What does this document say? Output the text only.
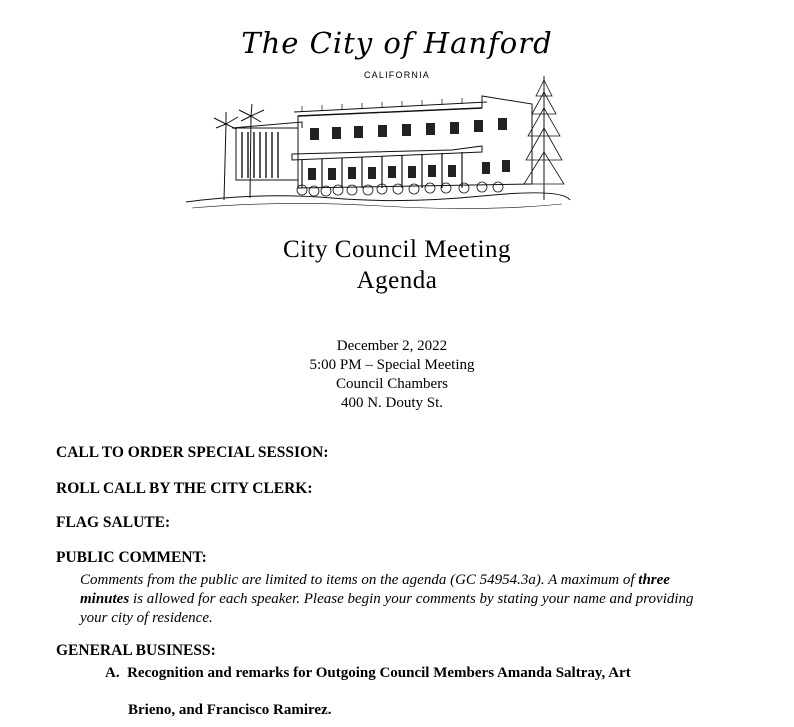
The City of Hanford
CALIFORNIA
City Council Meeting
Agenda
December 2, 2022
5:00 PM – Special Meeting
Council Chambers
400 N. Douty St.
CALL TO ORDER SPECIAL SESSION:
ROLL CALL BY THE CITY CLERK:
FLAG SALUTE:
PUBLIC COMMENT:
Comments from the public are limited to items on the agenda (GC 54954.3a). A maximum of three minutes is allowed for each speaker. Please begin your comments by stating your name and providing your city of residence.
GENERAL BUSINESS:
A. Recognition and remarks for Outgoing Council Members Amanda Saltray, Art
Brieno, and Francisco Ramirez.
